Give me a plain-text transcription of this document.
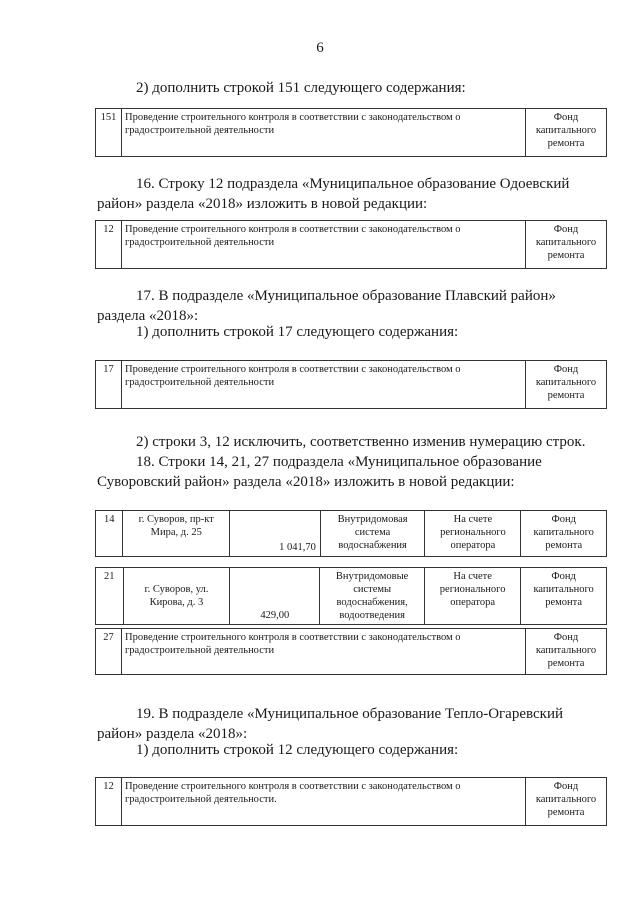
6

2) дополнить строкой 151 следующего содержания:

151	Проведение строительного контроля в соответствии с законодательством о градостроительной деятельности	Фонд капитального ремонта

16. Строку 12 подраздела «Муниципальное образование Одоевский район» раздела «2018» изложить в новой редакции:

12	Проведение строительного контроля в соответствии с законодательством о градостроительной деятельности	Фонд капитального ремонта

17. В подразделе «Муниципальное образование Плавский район» раздела «2018»:

1) дополнить строкой 17 следующего содержания:

17	Проведение строительного контроля в соответствии с законодательством о градостроительной деятельности	Фонд капитального ремонта

2) строки 3, 12 исключить, соответственно изменив нумерацию строк.

18. Строки 14, 21, 27 подраздела «Муниципальное образование Суворовский район» раздела «2018» изложить в новой редакции:

14	г. Суворов, пр-кт Мира, д. 25	1 041,70	Внутридомовая система водоснабжения	На счете регионального оператора	Фонд капитального ремонта
21	г. Суворов, ул. Кирова, д. 3	429,00	Внутридомовые системы водоснабжения, водоотведения	На счете регионального оператора	Фонд капитального ремонта
27	Проведение строительного контроля в соответствии с законодательством о градостроительной деятельности	Фонд капитального ремонта

19. В подразделе «Муниципальное образование Тепло-Огаревский район» раздела «2018»:

1) дополнить строкой 12 следующего содержания:

12	Проведение строительного контроля в соответствии с законодательством о градостроительной деятельности.	Фонд капитального ремонта
